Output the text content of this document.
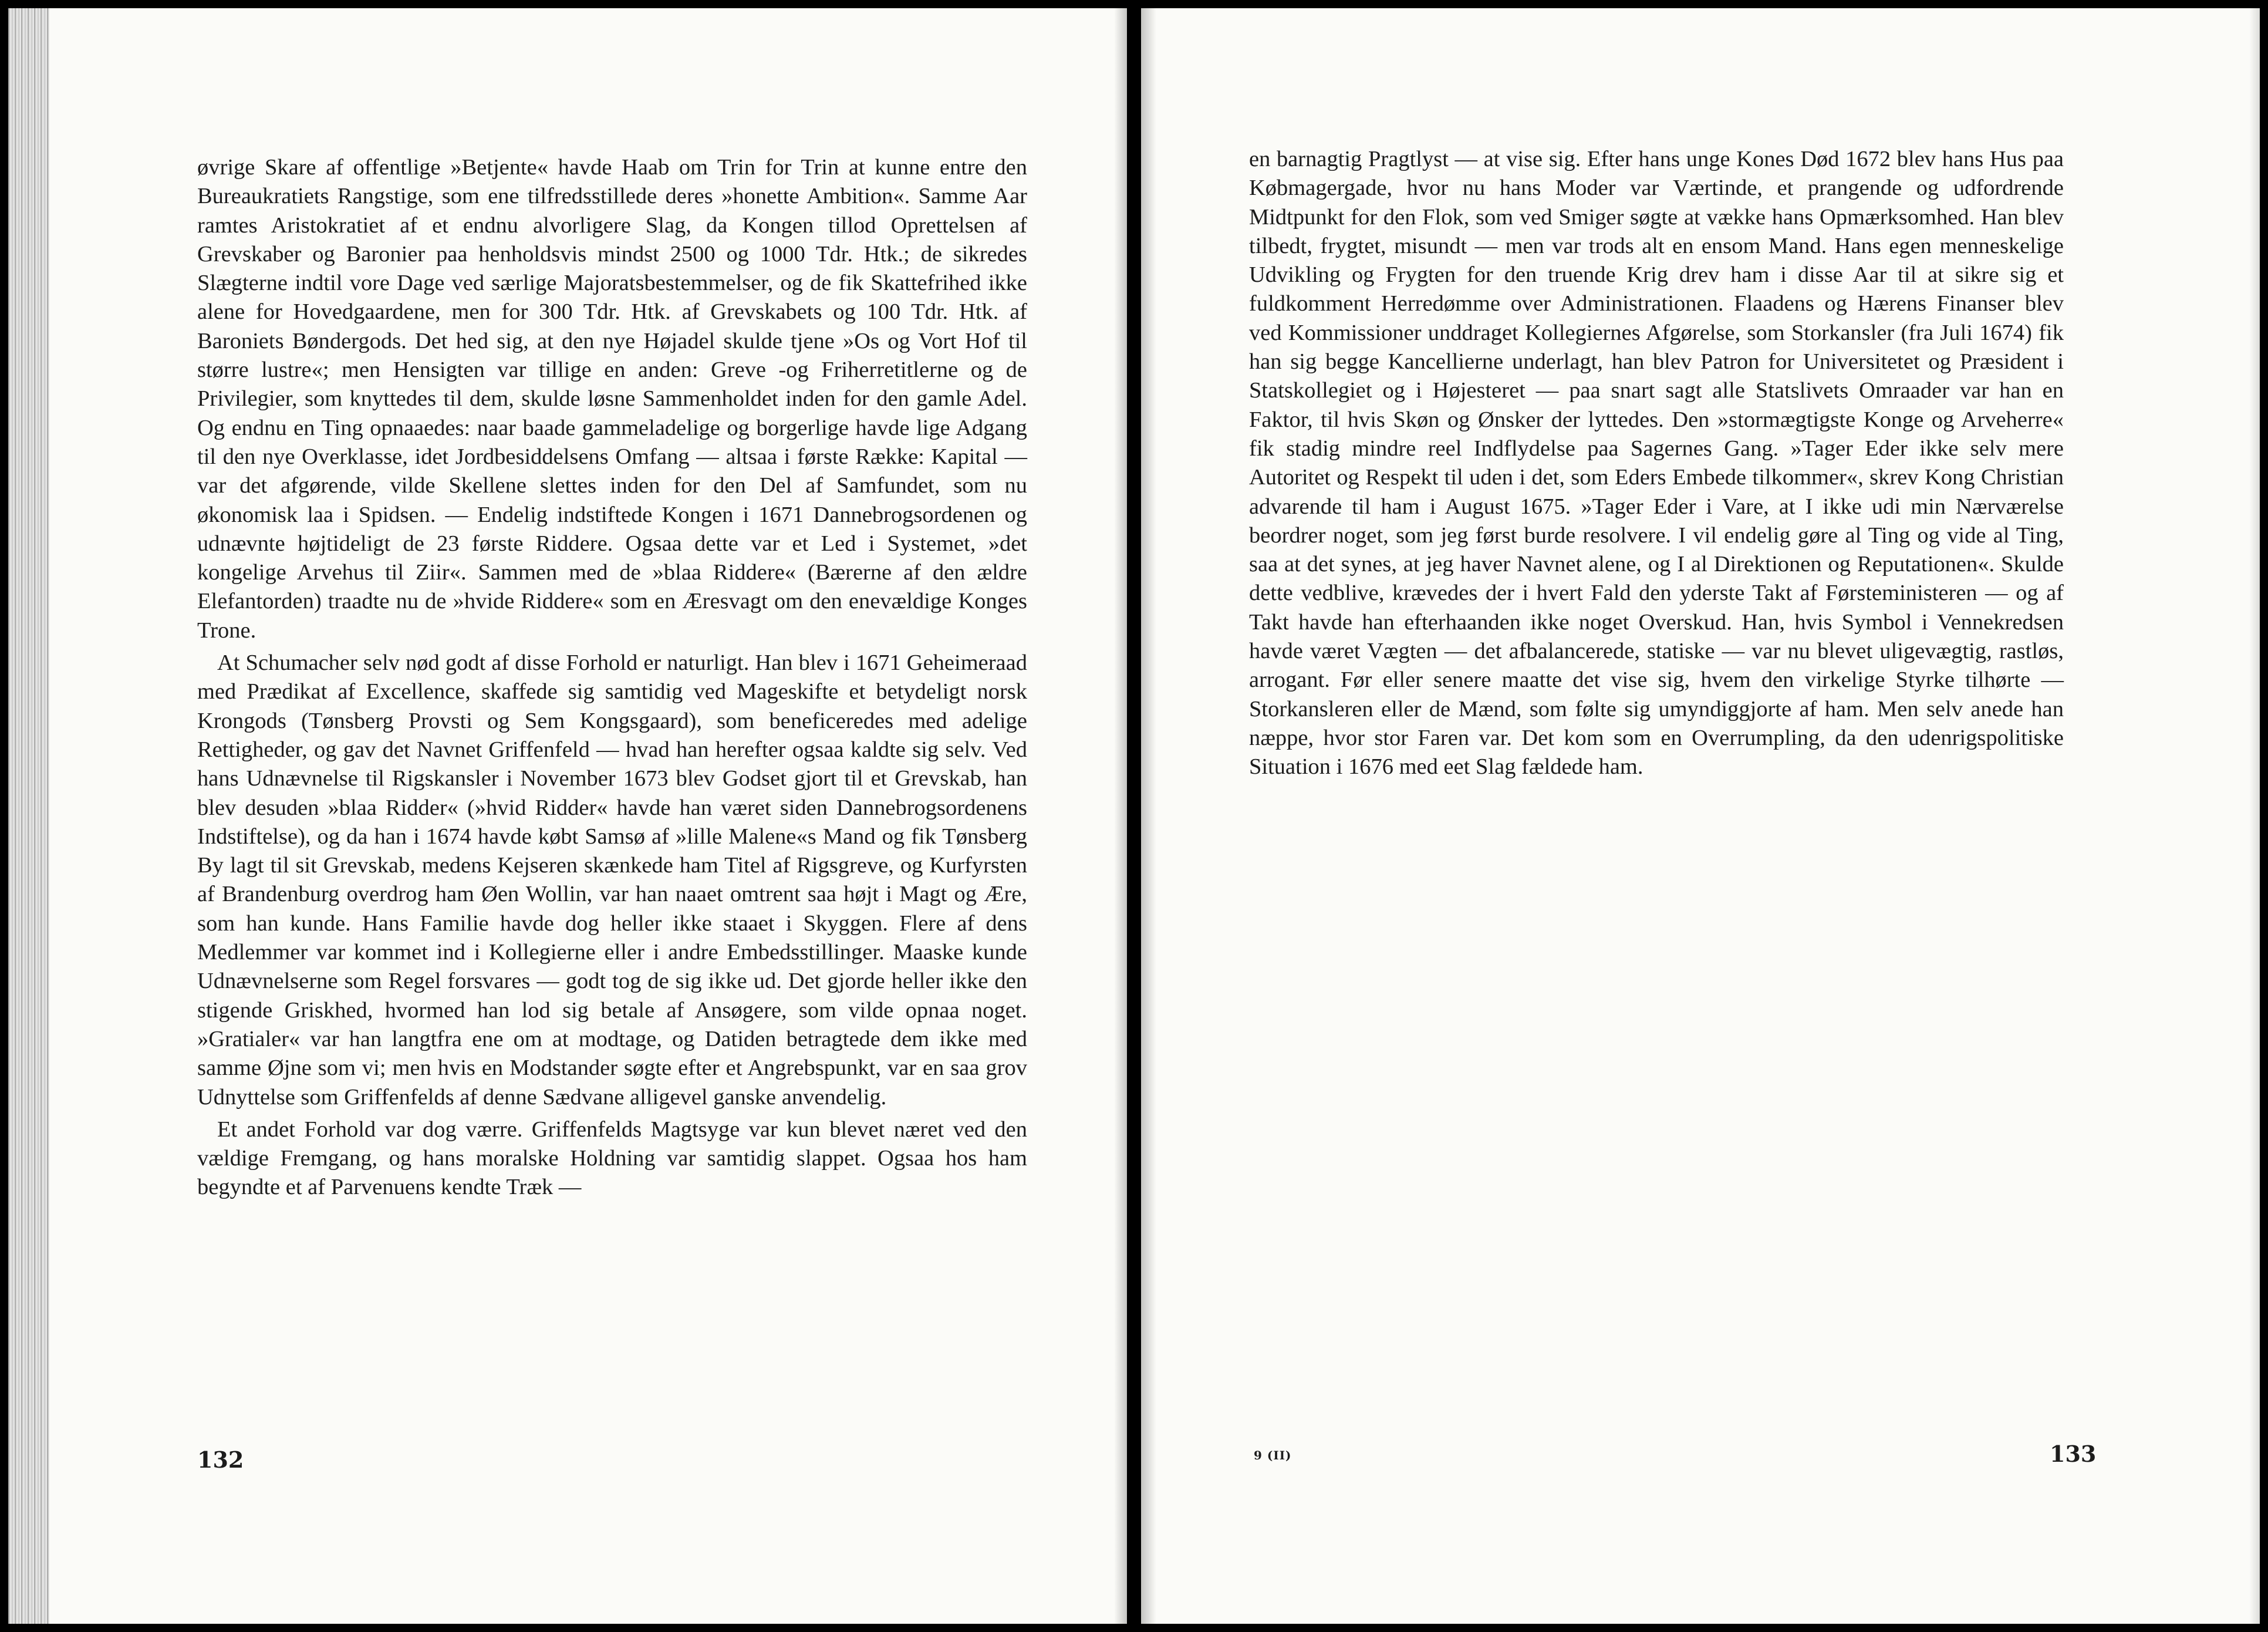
øvrige Skare af offentlige »Betjente« havde Haab om Trin for Trin at kunne entre den Bureaukratiets Rangstige, som ene tilfredsstillede deres »honette Ambition«. Samme Aar ramtes Aristokratiet af et endnu alvorligere Slag, da Kongen tillod Oprettelsen af Grevskaber og Baronier paa henholdsvis mindst 2500 og 1000 Tdr. Htk.; de sikredes Slægterne indtil vore Dage ved særlige Majoratsbestemmelser, og de fik Skattefrihed ikke alene for Hovedgaardene, men for 300 Tdr. Htk. af Grevskabets og 100 Tdr. Htk. af Baroniets Bøndergods. Det hed sig, at den nye Højadel skulde tjene »Os og Vort Hof til større lustre«; men Hensigten var tillige en anden: Greve -og Friherretitlerne og de Privilegier, som knyttedes til dem, skulde løsne Sammenholdet inden for den gamle Adel. Og endnu en Ting opnaaedes: naar baade gammeladelige og borgerlige havde lige Adgang til den nye Overklasse, idet Jordbesiddelsens Omfang — altsaa i første Række: Kapital — var det afgørende, vilde Skellene slettes inden for den Del af Samfundet, som nu økonomisk laa i Spidsen. — Endelig indstiftede Kongen i 1671 Dannebrogsordenen og udnævnte højtideligt de 23 første Riddere. Ogsaa dette var et Led i Systemet, »det kongelige Arvehus til Ziir«. Sammen med de »blaa Riddere« (Bærerne af den ældre Elefantorden) traadte nu de »hvide Riddere« som en Æresvagt om den enevældige Konges Trone.

At Schumacher selv nød godt af disse Forhold er naturligt. Han blev i 1671 Geheimeraad med Prædikat af Excellence, skaffede sig samtidig ved Mageskifte et betydeligt norsk Krongods (Tønsberg Provsti og Sem Kongsgaard), som beneficeredes med adelige Rettigheder, og gav det Navnet Griffenfeld — hvad han herefter ogsaa kaldte sig selv. Ved hans Udnævnelse til Rigskansler i November 1673 blev Godset gjort til et Grevskab, han blev desuden »blaa Ridder« (»hvid Ridder« havde han været siden Dannebrogsordenens Indstiftelse), og da han i 1674 havde købt Samsø af »lille Malene«s Mand og fik Tønsberg By lagt til sit Grevskab, medens Kejseren skænkede ham Titel af Rigsgreve, og Kurfyrsten af Brandenburg overdrog ham Øen Wollin, var han naaet omtrent saa højt i Magt og Ære, som han kunde. Hans Familie havde dog heller ikke staaet i Skyggen. Flere af dens Medlemmer var kommet ind i Kollegierne eller i andre Embedsstillinger. Maaske kunde Udnævnelserne som Regel forsvares — godt tog de sig ikke ud. Det gjorde heller ikke den stigende Griskhed, hvormed han lod sig betale af Ansøgere, som vilde opnaa noget. »Gratialer« var han langtfra ene om at modtage, og Datiden betragtede dem ikke med samme Øjne som vi; men hvis en Modstander søgte efter et Angrebspunkt, var en saa grov Udnyttelse som Griffenfelds af denne Sædvane alligevel ganske anvendelig.

Et andet Forhold var dog værre. Griffenfelds Magtsyge var kun blevet næret ved den vældige Fremgang, og hans moralske Holdning var samtidig slappet. Ogsaa hos ham begyndte et af Parvenuens kendte Træk —

132

en barnagtig Pragtlyst — at vise sig. Efter hans unge Kones Død 1672 blev hans Hus paa Købmagergade, hvor nu hans Moder var Værtinde, et prangende og udfordrende Midtpunkt for den Flok, som ved Smiger søgte at vække hans Opmærksomhed. Han blev tilbedt, frygtet, misundt — men var trods alt en ensom Mand. Hans egen menneskelige Udvikling og Frygten for den truende Krig drev ham i disse Aar til at sikre sig et fuldkomment Herredømme over Administrationen. Flaadens og Hærens Finanser blev ved Kommissioner unddraget Kollegiernes Afgørelse, som Storkansler (fra Juli 1674) fik han sig begge Kancellierne underlagt, han blev Patron for Universitetet og Præsident i Statskollegiet og i Højesteret — paa snart sagt alle Statslivets Omraader var han en Faktor, til hvis Skøn og Ønsker der lyttedes. Den »stormægtigste Konge og Arveherre« fik stadig mindre reel Indflydelse paa Sagernes Gang. »Tager Eder ikke selv mere Autoritet og Respekt til uden i det, som Eders Embede tilkommer«, skrev Kong Christian advarende til ham i August 1675. »Tager Eder i Vare, at I ikke udi min Nærværelse beordrer noget, som jeg først burde resolvere. I vil endelig gøre al Ting og vide al Ting, saa at det synes, at jeg haver Navnet alene, og I al Direktionen og Reputationen«. Skulde dette vedblive, krævedes der i hvert Fald den yderste Takt af Førsteministeren — og af Takt havde han efterhaanden ikke noget Overskud. Han, hvis Symbol i Vennekredsen havde været Vægten — det afbalancerede, statiske — var nu blevet uligevægtig, rastløs, arrogant. Før eller senere maatte det vise sig, hvem den virkelige Styrke tilhørte — Storkansleren eller de Mænd, som følte sig umyndiggjorte af ham. Men selv anede han næppe, hvor stor Faren var. Det kom som en Overrumpling, da den udenrigspolitiske Situation i 1676 med eet Slag fældede ham.

9 (II)	133
